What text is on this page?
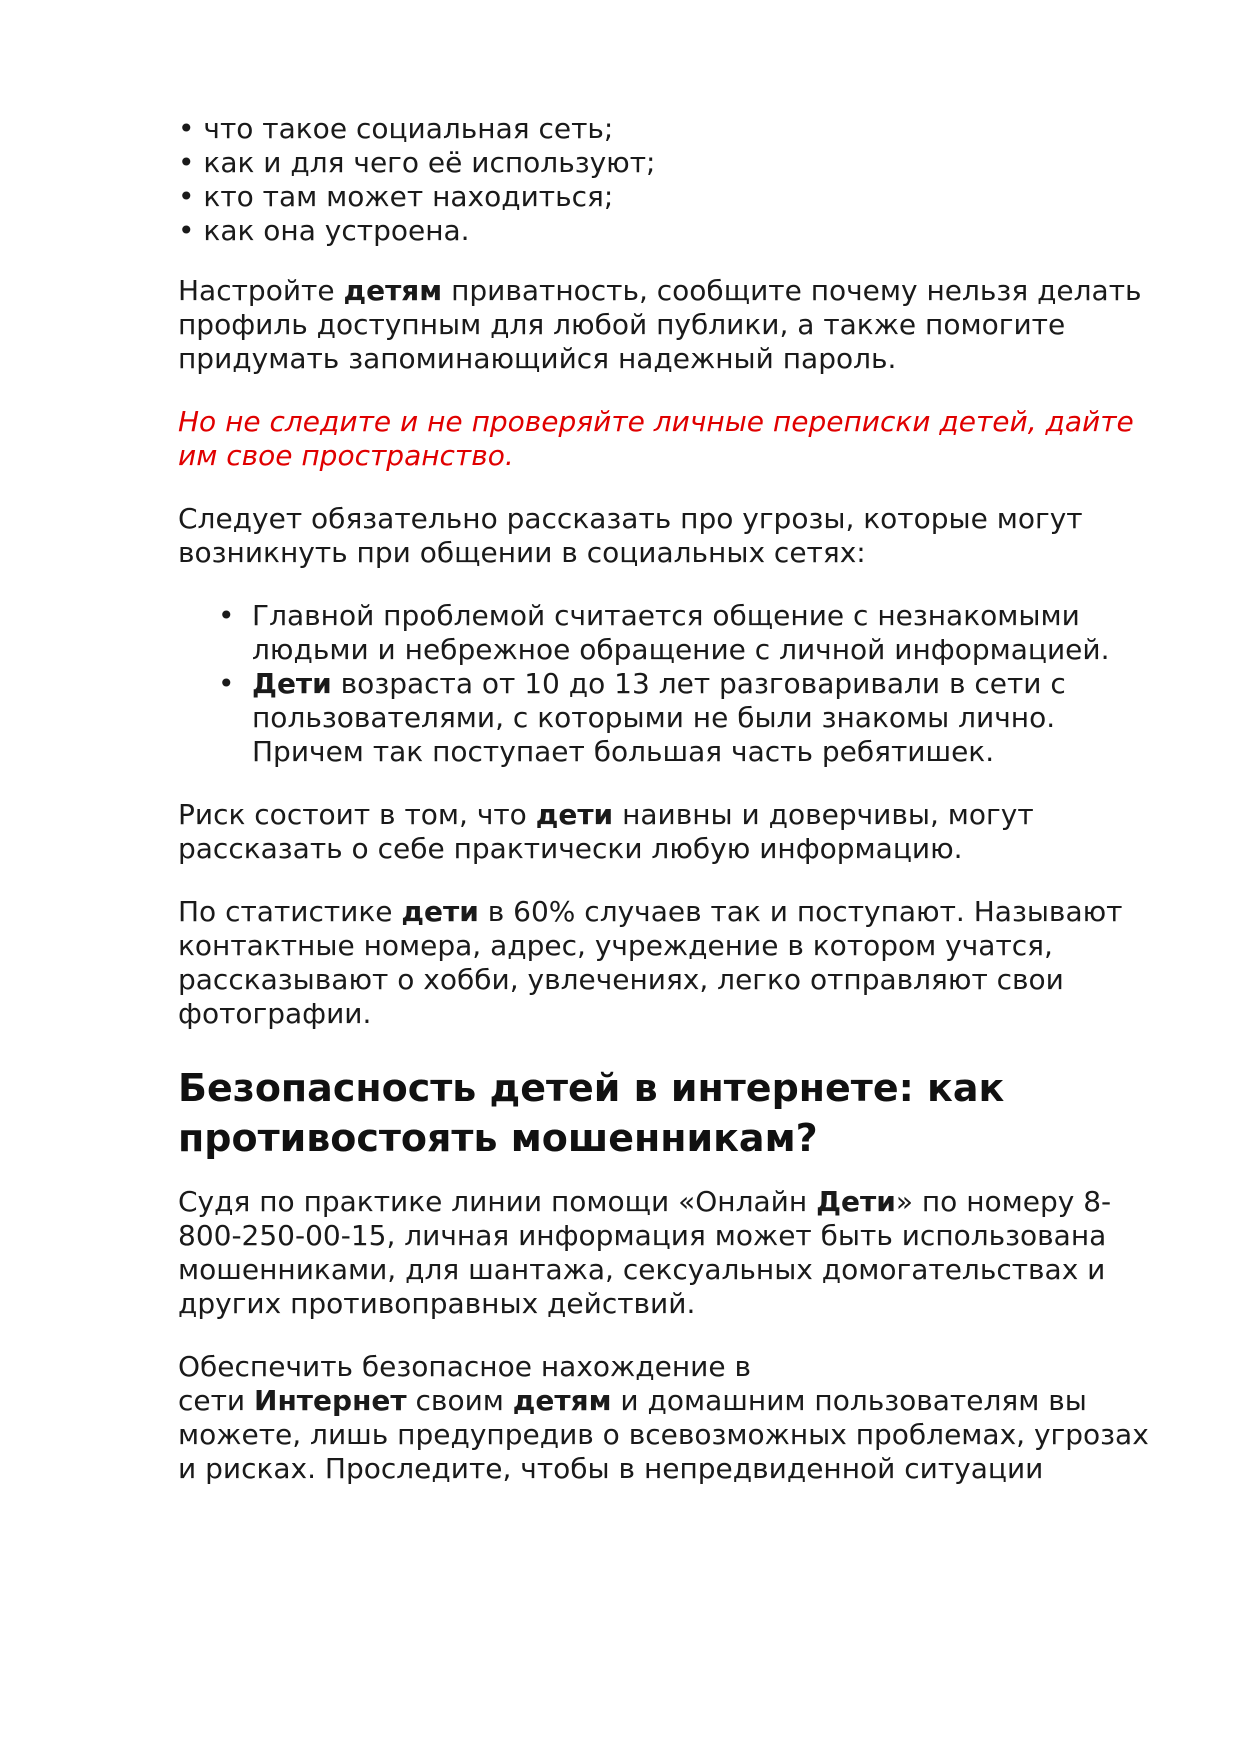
• что такое социальная сеть;

• как и для чего её используют;

• кто там может находиться;

• как она устроена.

Настройте детям приватность, сообщите почему нельзя делать профиль доступным для любой публики, а также помогите придумать запоминающийся надежный пароль.

Но не следите и не проверяйте личные переписки детей, дайте им свое пространство.

Следует обязательно рассказать про угрозы, которые могут возникнуть при общении в социальных сетях:

• Главной проблемой считается общение с незнакомыми людьми и небрежное обращение с личной информацией.
• Дети возраста от 10 до 13 лет разговаривали в сети с пользователями, с которыми не были знакомы лично. Причем так поступает большая часть ребятишек.

Риск состоит в том, что дети наивны и доверчивы, могут рассказать о себе практически любую информацию.

По статистике дети в 60% случаев так и поступают. Называют контактные номера, адрес, учреждение в котором учатся, рассказывают о хобби, увлечениях, легко отправляют свои фотографии.

Безопасность детей в интернете: как противостоять мошенникам?

Судя по практике линии помощи «Онлайн Дети» по номеру 8-800-250-00-15, личная информация может быть использована мошенниками, для шантажа, сексуальных домогательствах и других противоправных действий.

Обеспечить безопасное нахождение в
сети Интернет своим детям и домашним пользователям вы можете, лишь предупредив о всевозможных проблемах, угрозах и рисках. Проследите, чтобы в непредвиденной ситуации
